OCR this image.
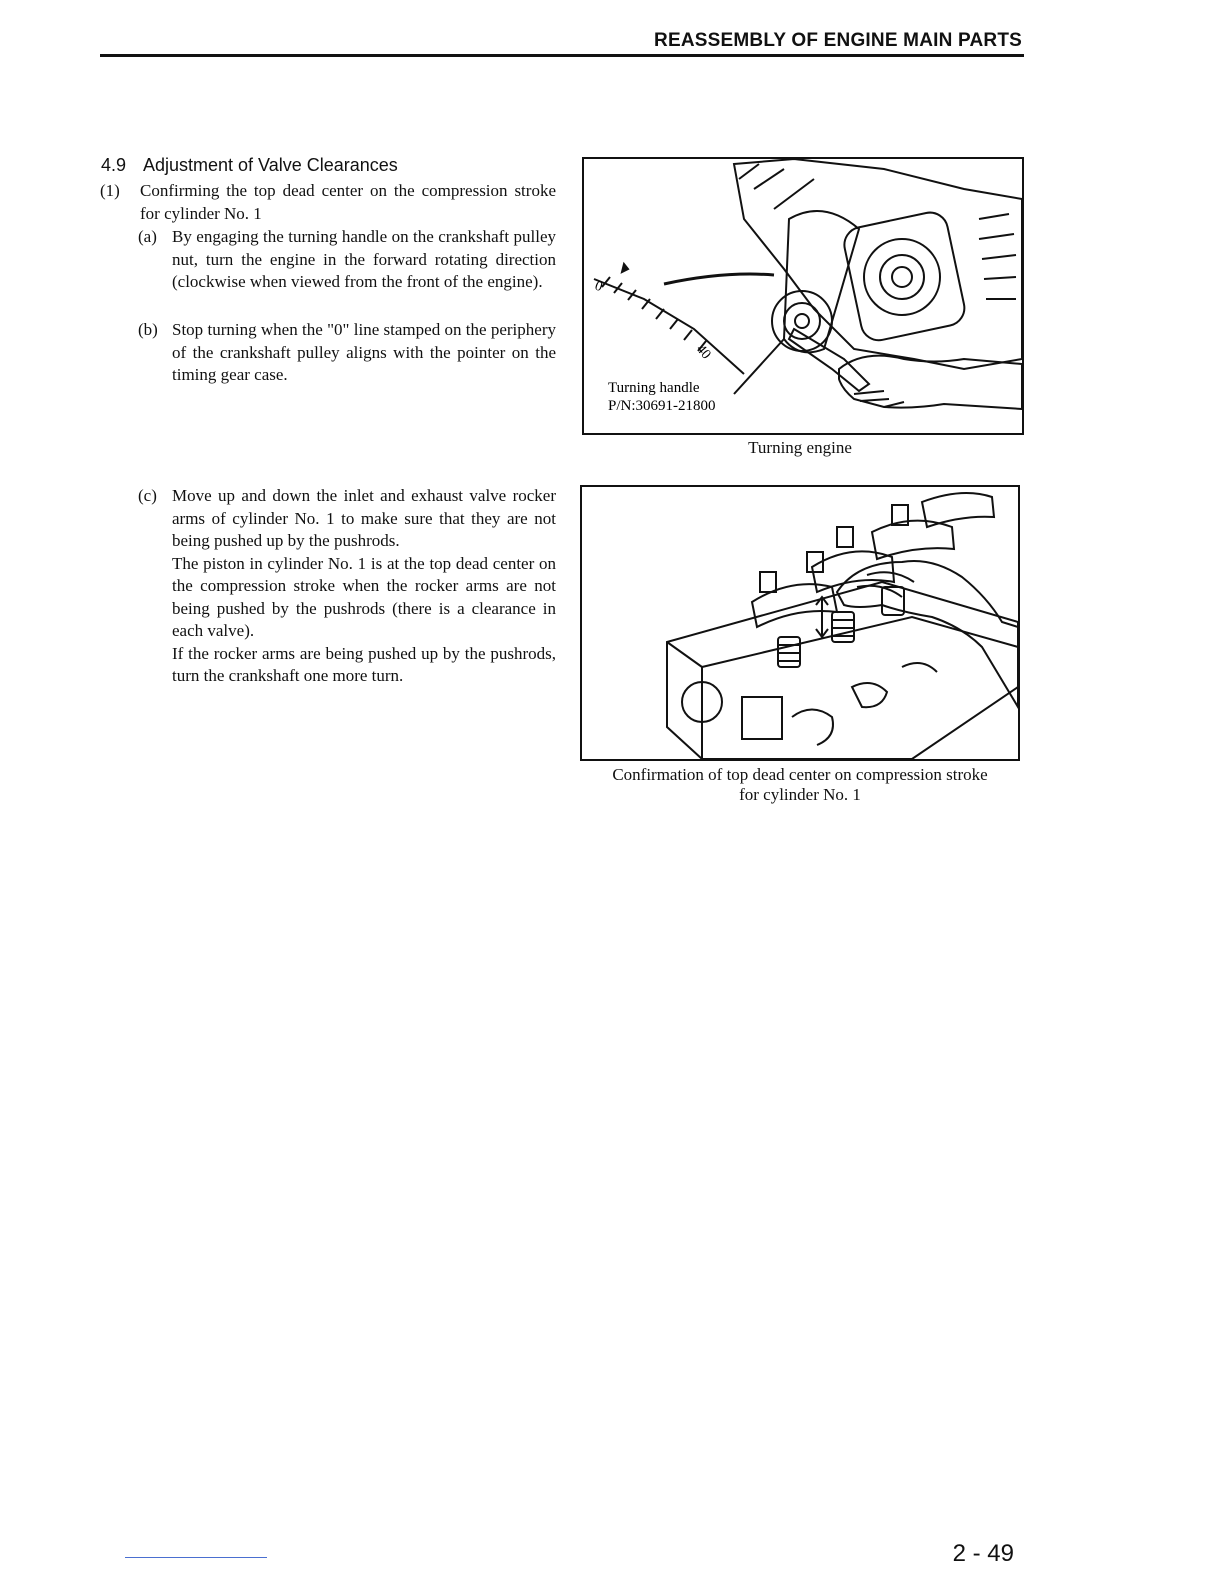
REASSEMBLY OF ENGINE MAIN PARTS
4.9 Adjustment of Valve Clearances
(1) Confirming the top dead center on the compression stroke for cylinder No. 1
(a) By engaging the turning handle on the crankshaft pulley nut, turn the engine in the forward rotating direction (clockwise when viewed from the front of the engine).
(b) Stop turning when the "0" line stamped on the periphery of the crankshaft pulley aligns with the pointer on the timing gear case.
(c) Move up and down the inlet and exhaust valve rocker arms of cylinder No. 1 to make sure that they are not being pushed up by the pushrods.
The piston in cylinder No. 1 is at the top dead center on the compression stroke when the rocker arms are not being pushed by the pushrods (there is a clearance in each valve).
If the rocker arms are being pushed up by the pushrods, turn the crankshaft one more turn.
0
40
Turning handle
P/N:30691-21800
Turning engine
Confirmation of top dead center on compression stroke
for cylinder No. 1
2 - 49
